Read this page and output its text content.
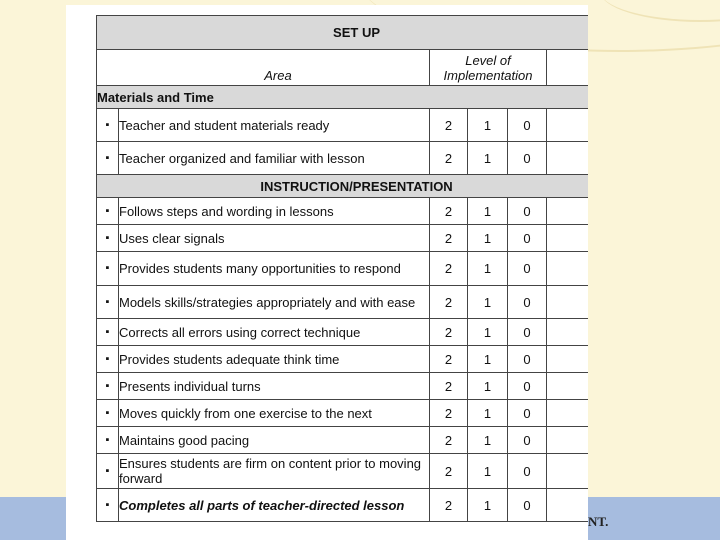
NT.
SET UP					
Area		Level of Implementation			
Materials and Time					
▪	Teacher and student materials ready	2	1	0	
▪	Teacher organized and familiar with lesson	2	1	0	
INSTRUCTION/PRESENTATION					
▪	Follows steps and wording in lessons	2	1	0	
▪	Uses clear signals	2	1	0	
▪	Provides students many opportunities to respond	2	1	0	
▪	Models skills/strategies appropriately and with ease	2	1	0	
▪	Corrects all errors using correct technique	2	1	0	
▪	Provides students adequate think time	2	1	0	
▪	Presents individual turns	2	1	0	
▪	Moves quickly from one exercise to the next	2	1	0	
▪	Maintains good pacing	2	1	0	
▪	Ensures students are firm on content prior to moving forward	2	1	0	
▪	Completes all parts of teacher-directed lesson	2	1	0	
